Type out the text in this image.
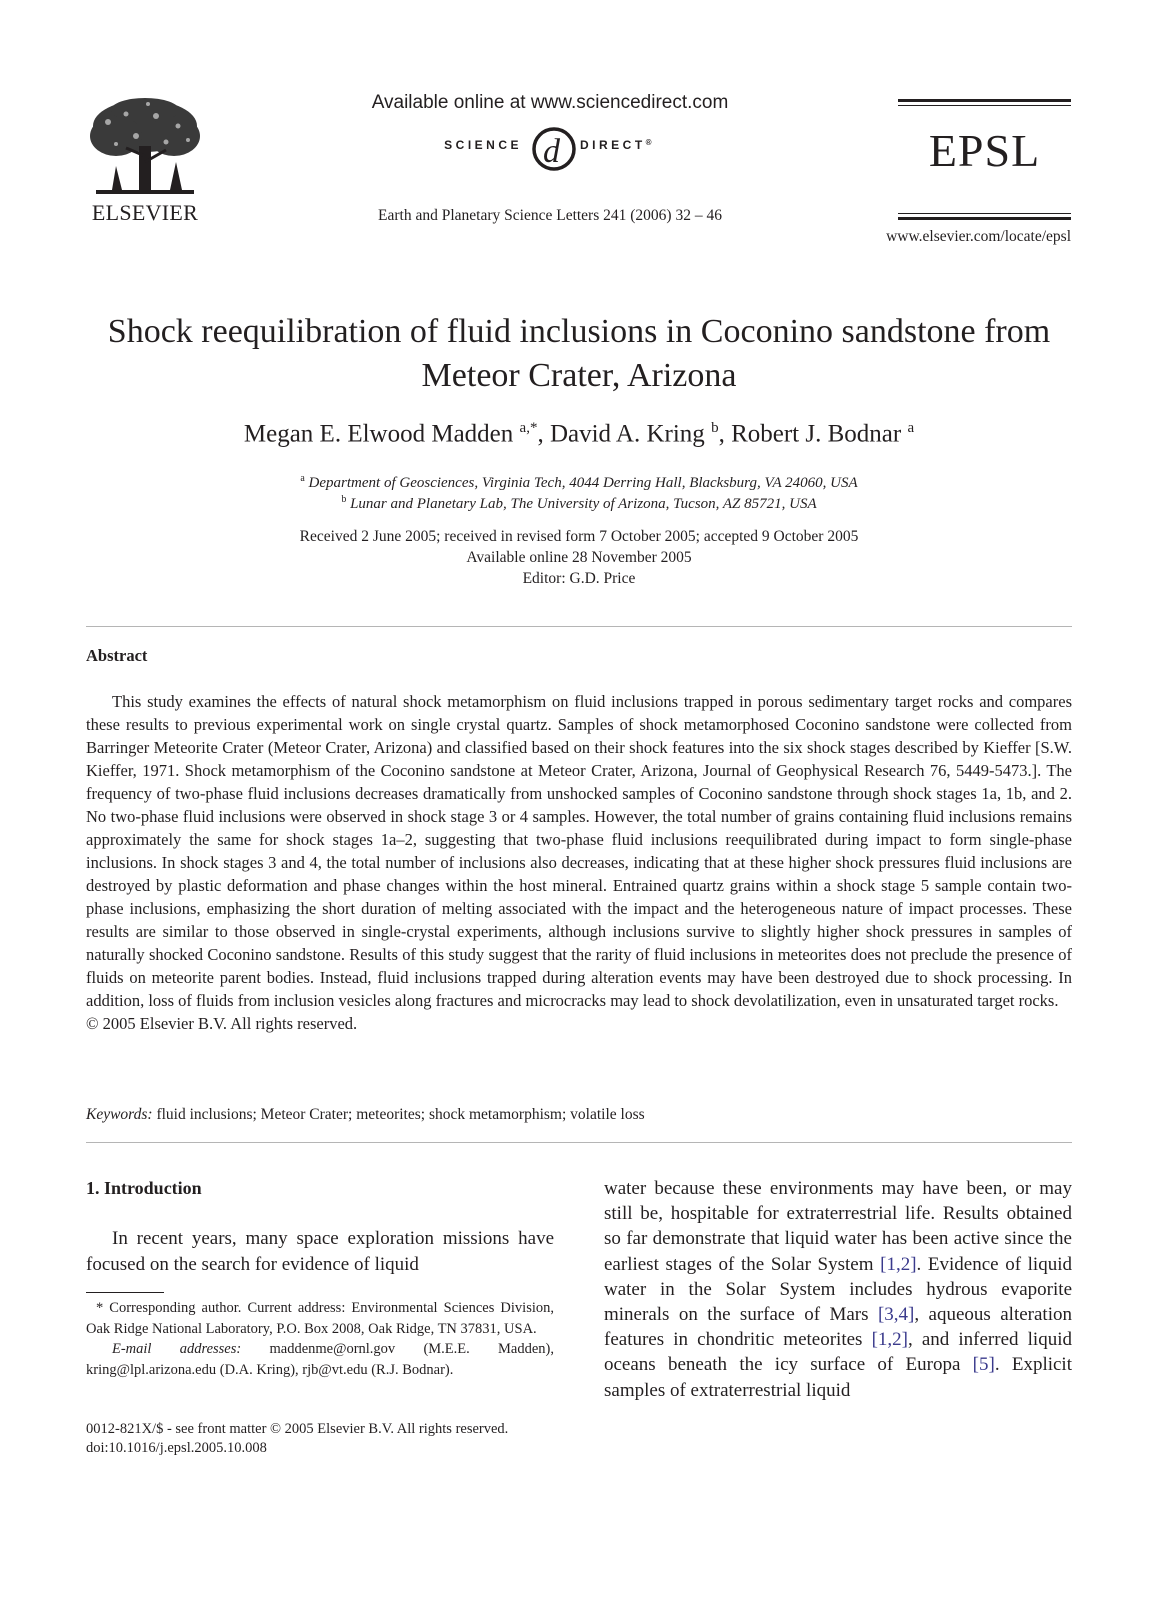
ELSEVIER
Available online at www.sciencedirect.com
SCIENCE d DIRECT®
Earth and Planetary Science Letters 241 (2006) 32 – 46
EPSL
www.elsevier.com/locate/epsl
Shock reequilibration of fluid inclusions in Coconino sandstone from
Meteor Crater, Arizona
Megan E. Elwood Madden $^{a,*}$, David A. Kring $^b$, Robert J. Bodnar $^a$
$^a$ Department of Geosciences, Virginia Tech, 4044 Derring Hall, Blacksburg, VA 24060, USA
$^b$ Lunar and Planetary Lab, The University of Arizona, Tucson, AZ 85721, USA
Received 2 June 2005; received in revised form 7 October 2005; accepted 9 October 2005
Available online 28 November 2005
Editor: G.D. Price
Abstract
This study examines the effects of natural shock metamorphism on fluid inclusions trapped in porous sedimentary target rocks and compares these results to previous experimental work on single crystal quartz. Samples of shock metamorphosed Coconino sandstone were collected from Barringer Meteorite Crater (Meteor Crater, Arizona) and classified based on their shock features into the six shock stages described by Kieffer [S.W. Kieffer, 1971. Shock metamorphism of the Coconino sandstone at Meteor Crater, Arizona, Journal of Geophysical Research 76, 5449-5473.]. The frequency of two-phase fluid inclusions decreases dramatically from unshocked samples of Coconino sandstone through shock stages 1a, 1b, and 2. No two-phase fluid inclusions were observed in shock stage 3 or 4 samples. However, the total number of grains containing fluid inclusions remains approximately the same for shock stages 1a–2, suggesting that two-phase fluid inclusions reequilibrated during impact to form single-phase inclusions. In shock stages 3 and 4, the total number of inclusions also decreases, indicating that at these higher shock pressures fluid inclusions are destroyed by plastic deformation and phase changes within the host mineral. Entrained quartz grains within a shock stage 5 sample contain two-phase inclusions, emphasizing the short duration of melting associated with the impact and the heterogeneous nature of impact processes. These results are similar to those observed in single-crystal experiments, although inclusions survive to slightly higher shock pressures in samples of naturally shocked Coconino sandstone. Results of this study suggest that the rarity of fluid inclusions in meteorites does not preclude the presence of fluids on meteorite parent bodies. Instead, fluid inclusions trapped during alteration events may have been destroyed due to shock processing. In addition, loss of fluids from inclusion vesicles along fractures and microcracks may lead to shock devolatilization, even in unsaturated target rocks.
© 2005 Elsevier B.V. All rights reserved.
Keywords: fluid inclusions; Meteor Crater; meteorites; shock metamorphism; volatile loss
1. Introduction
In recent years, many space exploration missions have focused on the search for evidence of liquid
* Corresponding author. Current address: Environmental Sciences Division, Oak Ridge National Laboratory, P.O. Box 2008, Oak Ridge, TN 37831, USA.
E-mail addresses: maddenme@ornl.gov (M.E.E. Madden), kring@lpl.arizona.edu (D.A. Kring), rjb@vt.edu (R.J. Bodnar).
0012-821X/$ - see front matter © 2005 Elsevier B.V. All rights reserved.
doi:10.1016/j.epsl.2005.10.008
water because these environments may have been, or may still be, hospitable for extraterrestrial life. Results obtained so far demonstrate that liquid water has been active since the earliest stages of the Solar System [1,2]. Evidence of liquid water in the Solar System includes hydrous evaporite minerals on the surface of Mars [3,4], aqueous alteration features in chondritic meteorites [1,2], and inferred liquid oceans beneath the icy surface of Europa [5]. Explicit samples of extraterrestrial liquid
